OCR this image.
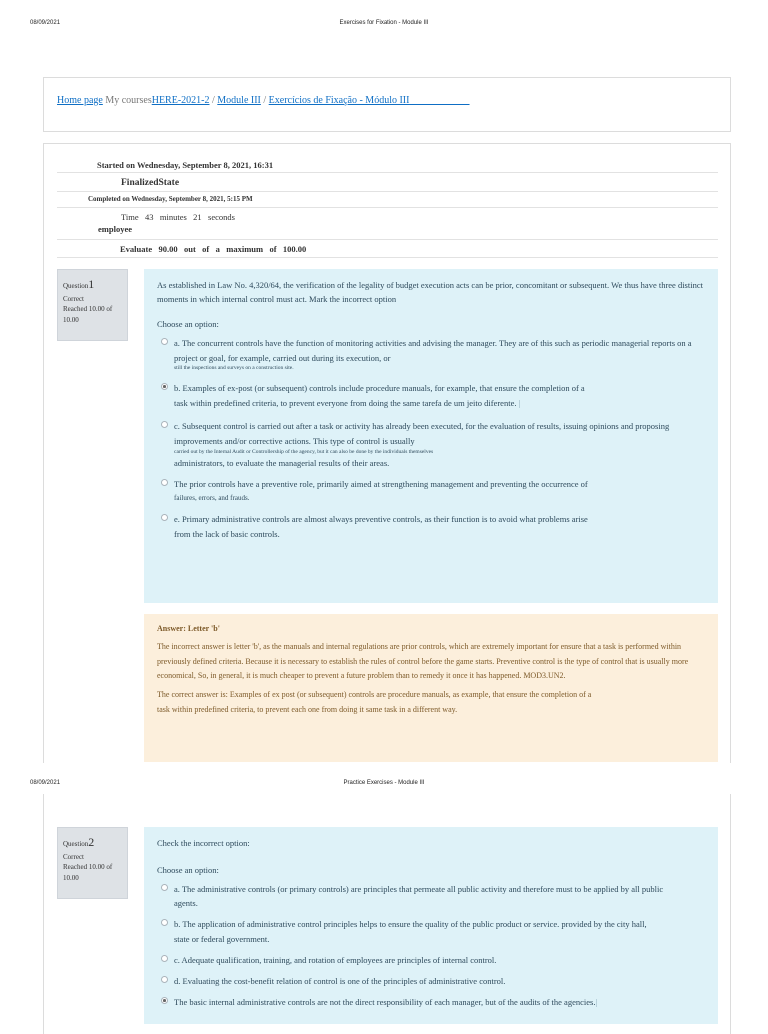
08/09/2021	Exercises for Fixation - Module III
Home page My coursesHERE-2021-2 / Module III / Exercícios de Fixação - Módulo III____________
Started on Wednesday, September 8, 2021, 16:31
FinalizedState
Completed on Wednesday, September 8, 2021, 5:15 PM
Time   43   minutes   21   seconds
employee
Evaluate   90.00   out   of   a   maximum   of   100.00
Question1
Correct
Reached 10.00 of 10.00
As established in Law No. 4,320/64, the verification of the legality of budget execution acts can be prior, concomitant or subsequent. We thus have three distinct moments in which internal control must act. Mark the incorrect option
Choose an option:
a. The concurrent controls have the function of monitoring activities and advising the manager. They are of this such as periodic managerial reports on a project or goal, for example, carried out during its execution, or
still the inspections and surveys on a construction site.
b. Examples of ex-post (or subsequent) controls include procedure manuals, for example, that ensure the completion of a task within predefined criteria, to prevent everyone from doing the same tarefa de um jeito diferente. |
c. Subsequent control is carried out after a task or activity has already been executed, for the evaluation of results, issuing opinions and proposing improvements and/or corrective actions. This type of control is usually
carried out by the Internal Audit or Controllership of the agency, but it can also be done by the individuals themselves
administrators, to evaluate the managerial results of their areas.
The prior controls have a preventive role, primarily aimed at strengthening management and preventing the occurrence of
failures, errors, and frauds.
e. Primary administrative controls are almost always preventive controls, as their function is to avoid what problems arise from the lack of basic controls.
Answer: Letter 'b'

The incorrect answer is letter 'b', as the manuals and internal regulations are prior controls, which are extremely important for ensure that a task is performed within previously defined criteria. Because it is necessary to establish the rules of control before the game starts. Preventive control is the type of control that is usually more economical, So, in general, it is much cheaper to prevent a future problem than to remedy it once it has happened. MOD3.UN2.

The correct answer is: Examples of ex post (or subsequent) controls are procedure manuals, as example, that ensure the completion of a task within predefined criteria, to prevent each one from doing it same task in a different way.

08/09/2021	Practice Exercises - Module III
Question2
Correct
Reached 10.00 of 10.00
Check the incorrect option:
Choose an option:
a. The administrative controls (or primary controls) are principles that permeate all public activity and therefore must to be applied by all public agents.
b. The application of administrative control principles helps to ensure the quality of the public product or service. provided by the city hall, state or federal government.
c. Adequate qualification, training, and rotation of employees are principles of internal control.
d. Evaluating the cost-benefit relation of control is one of the principles of administrative control.
The basic internal administrative controls are not the direct responsibility of each manager, but of the audits of the agencies.|
